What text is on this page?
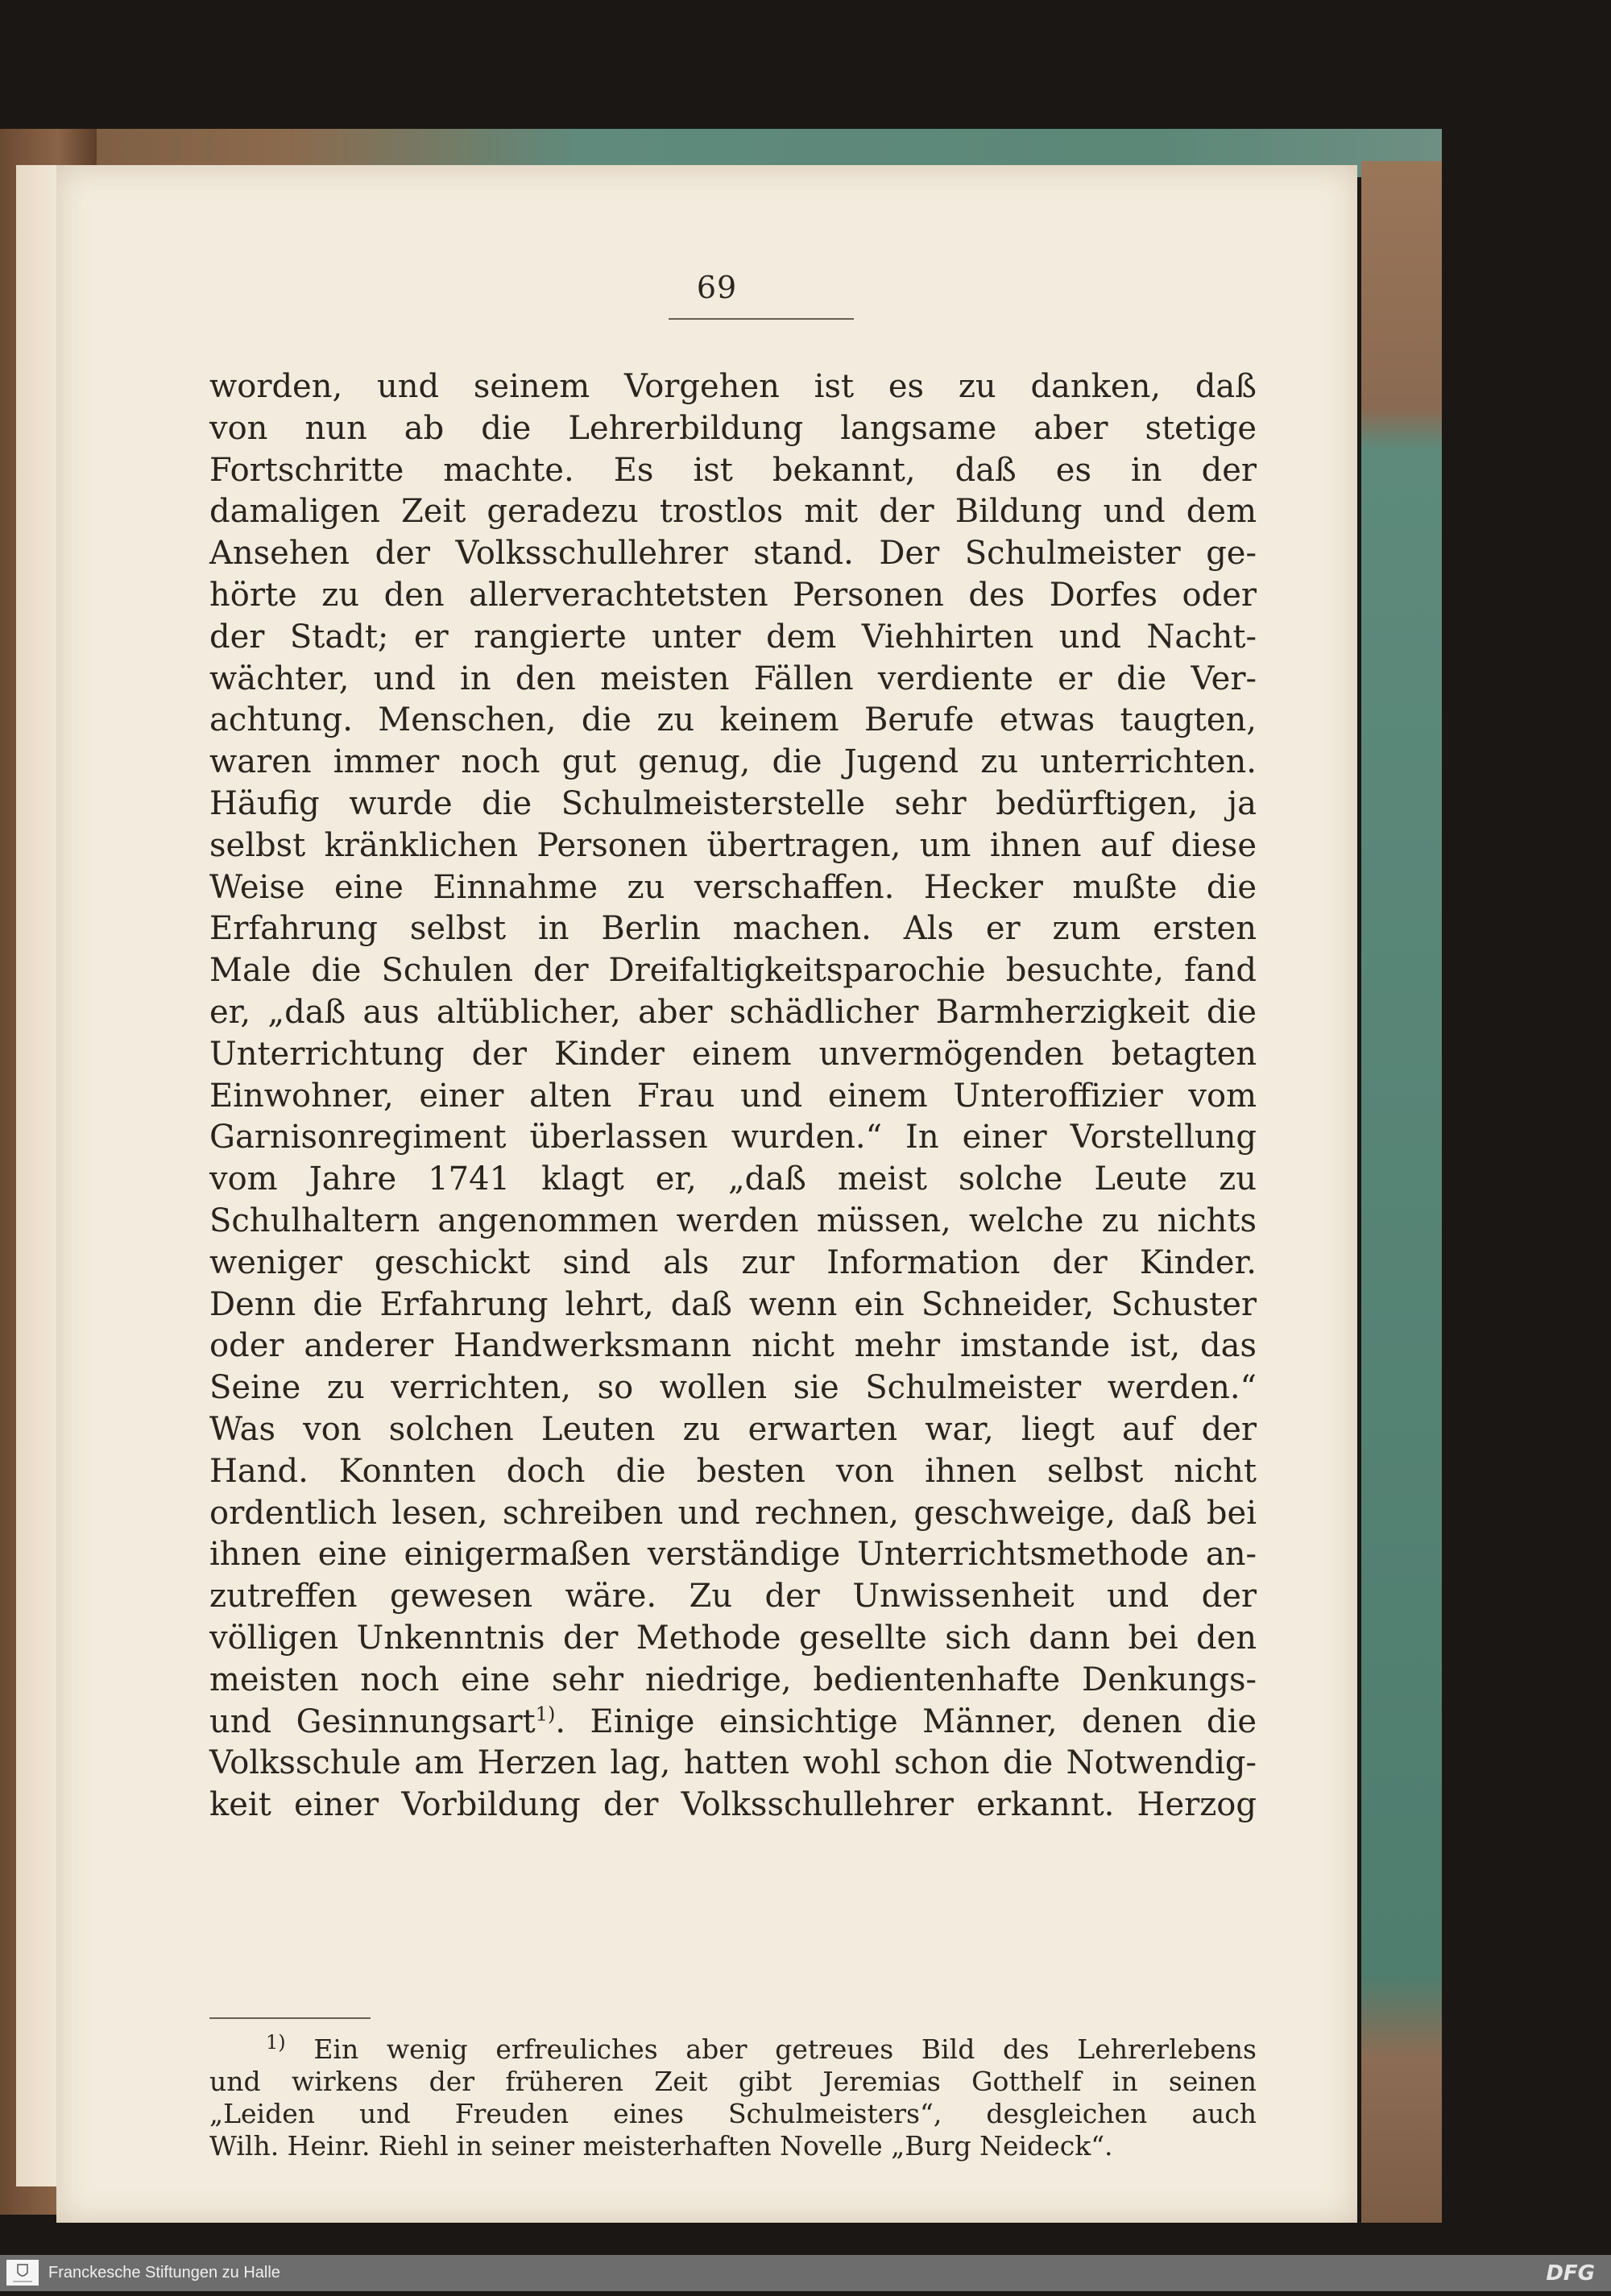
69
worden, und seinem Vorgehen ist es zu danken, daß
von nun ab die Lehrerbildung langsame aber stetige
Fortschritte machte. Es ist bekannt, daß es in der
damaligen Zeit geradezu trostlos mit der Bildung und dem
Ansehen der Volksschullehrer stand. Der Schulmeister ge-
hörte zu den allerverachtetsten Personen des Dorfes oder
der Stadt; er rangierte unter dem Viehhirten und Nacht-
wächter, und in den meisten Fällen verdiente er die Ver-
achtung. Menschen, die zu keinem Berufe etwas taugten,
waren immer noch gut genug, die Jugend zu unterrichten.
Häufig wurde die Schulmeisterstelle sehr bedürftigen, ja
selbst kränklichen Personen übertragen, um ihnen auf diese
Weise eine Einnahme zu verschaffen. Hecker mußte die
Erfahrung selbst in Berlin machen. Als er zum ersten
Male die Schulen der Dreifaltigkeitsparochie besuchte, fand
er, „daß aus altüblicher, aber schädlicher Barmherzigkeit die
Unterrichtung der Kinder einem unvermögenden betagten
Einwohner, einer alten Frau und einem Unteroffizier vom
Garnisonregiment überlassen wurden.“ In einer Vorstellung
vom Jahre 1741 klagt er, „daß meist solche Leute zu
Schulhaltern angenommen werden müssen, welche zu nichts
weniger geschickt sind als zur Information der Kinder.
Denn die Erfahrung lehrt, daß wenn ein Schneider, Schuster
oder anderer Handwerksmann nicht mehr imstande ist, das
Seine zu verrichten, so wollen sie Schulmeister werden.“
Was von solchen Leuten zu erwarten war, liegt auf der
Hand. Konnten doch die besten von ihnen selbst nicht
ordentlich lesen, schreiben und rechnen, geschweige, daß bei
ihnen eine einigermaßen verständige Unterrichtsmethode an-
zutreffen gewesen wäre. Zu der Unwissenheit und der
völligen Unkenntnis der Methode gesellte sich dann bei den
meisten noch eine sehr niedrige, bedientenhafte Denkungs-
und Gesinnungsart$^{1)}$. Einige einsichtige Männer, denen die
Volksschule am Herzen lag, hatten wohl schon die Notwendig-
keit einer Vorbildung der Volksschullehrer erkannt. Herzog
$^{1)}$ Ein wenig erfreuliches aber getreues Bild des Lehrerlebens
und wirkens der früheren Zeit gibt Jeremias Gotthelf in seinen
„Leiden und Freuden eines Schulmeisters“, desgleichen auch
Wilh. Heinr. Riehl in seiner meisterhaften Novelle „Burg Neideck“.
Franckesche Stiftungen zu Halle	DFG
